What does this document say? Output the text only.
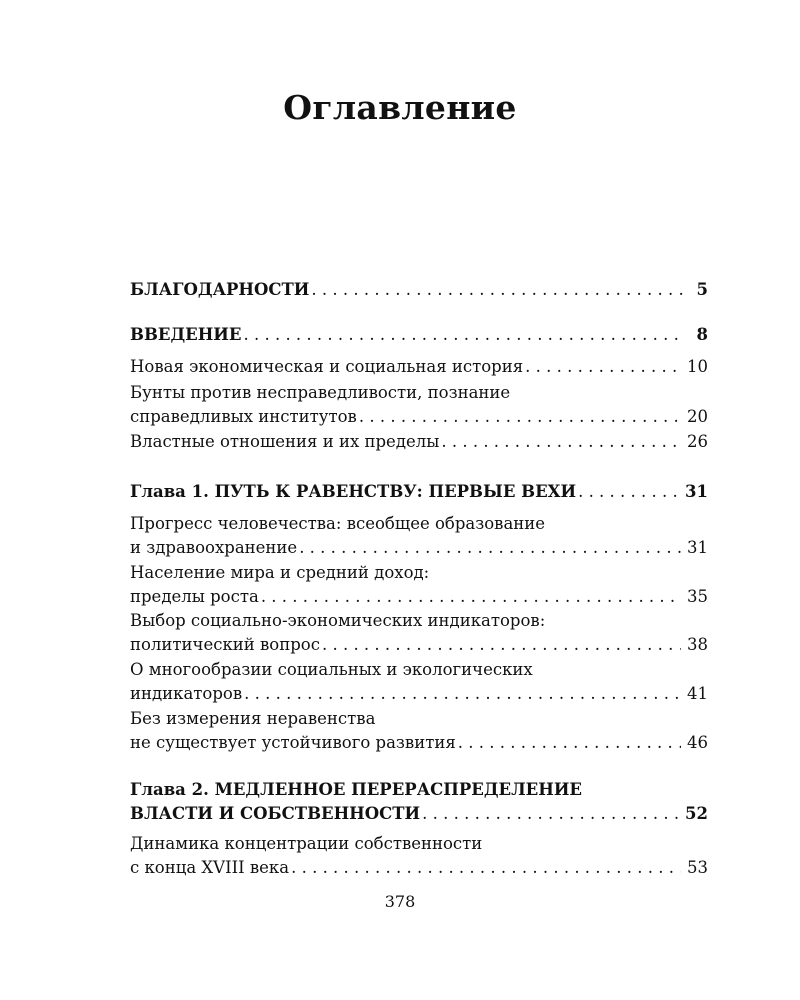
Оглавление
БЛАГОДАРНОСТИ . . .	5
ВВЕДЕНИЕ . . .	8
Новая экономическая и социальная история . . .	10
Бунты против несправедливости, познание
справедливых институтов . . .	20
Властные отношения и их пределы . . .	26
Глава 1. ПУТЬ К РАВЕНСТВУ: ПЕРВЫЕ ВЕХИ . . .	31
Прогресс человечества: всеобщее образование
и здравоохранение . . .	31
Население мира и средний доход:
пределы роста . . .	35
Выбор социально-экономических индикаторов:
политический вопрос . . .	38
О многообразии социальных и экологических
индикаторов . . .	41
Без измерения неравенства
не существует устойчивого развития . . .	46
Глава 2. МЕДЛЕННОЕ ПЕРЕРАСПРЕДЕЛЕНИЕ
ВЛАСТИ И СОБСТВЕННОСТИ . . .	52
Динамика концентрации собственности
с конца XVIII века . . .	53
378
